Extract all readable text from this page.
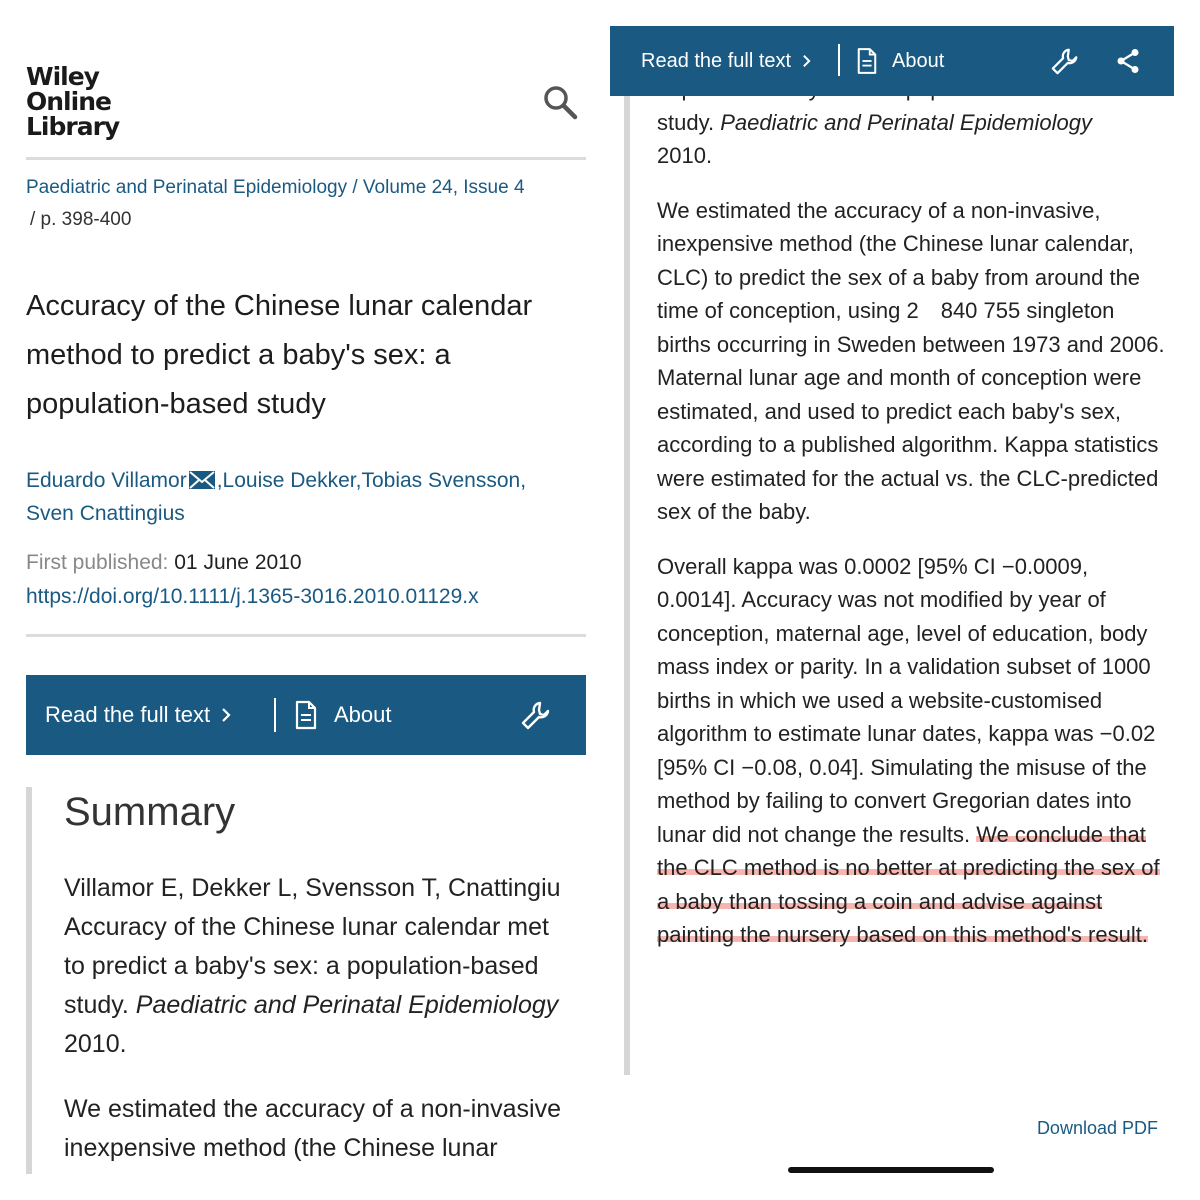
Wiley
Online
Library
Paediatric and Perinatal Epidemiology / Volume 24, Issue 4
/ p. 398-400
Accuracy of the Chinese lunar calendar method to predict a baby's sex: a population-based study
Eduardo Villamor ,Louise Dekker,Tobias Svensson,
Sven Cnattingius
First published: 01 June 2010
https://doi.org/10.1111/j.1365-3016.2010.01129.x
Read the full text	About
Summary

Villamor E, Dekker L, Svensson T, Cnattingiu
Accuracy of the Chinese lunar calendar met
to predict a baby's sex: a population-based
study. Paediatric and Perinatal Epidemiology
2010.

We estimated the accuracy of a non-invasive
inexpensive method (the Chinese lunar

study. Paediatric and Perinatal Epidemiology
2010.

We estimated the accuracy of a non-invasive, inexpensive method (the Chinese lunar calendar, CLC) to predict the sex of a baby from around the time of conception, using 2 840 755 singleton births occurring in Sweden between 1973 and 2006. Maternal lunar age and month of conception were estimated, and used to predict each baby's sex, according to a published algorithm. Kappa statistics were estimated for the actual vs. the CLC-predicted sex of the baby.

Overall kappa was 0.0002 [95% CI −0.0009, 0.0014]. Accuracy was not modified by year of conception, maternal age, level of education, body mass index or parity. In a validation subset of 1000 births in which we used a website-customised algorithm to estimate lunar dates, kappa was −0.02 [95% CI −0.08, 0.04]. Simulating the misuse of the method by failing to convert Gregorian dates into lunar did not change the results. We conclude that the CLC method is no better at predicting the sex of a baby than tossing a coin and advise against painting the nursery based on this method's result.

Read the full text	About
Download PDF
